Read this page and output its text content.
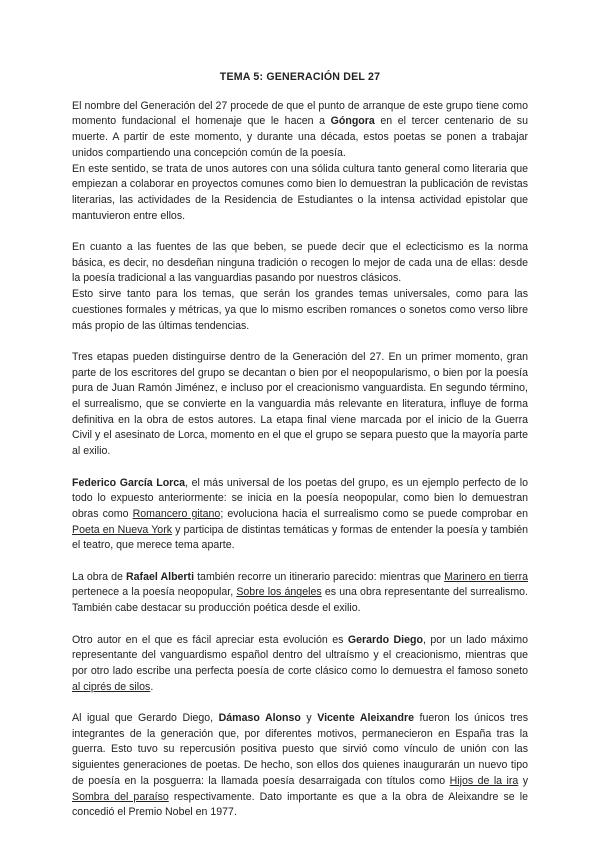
TEMA 5: GENERACIÓN DEL 27

El nombre del Generación del 27 procede de que el punto de arranque de este grupo tiene como momento fundacional el homenaje que le hacen a Góngora en el tercer centenario de su muerte. A partir de este momento, y durante una década, estos poetas se ponen a trabajar unidos compartiendo una concepción común de la poesía.

En este sentido, se trata de unos autores con una sólida cultura tanto general como literaria que empiezan a colaborar en proyectos comunes como bien lo demuestran la publicación de revistas literarias, las actividades de la Residencia de Estudiantes o la intensa actividad epistolar que mantuvieron entre ellos.

En cuanto a las fuentes de las que beben, se puede decir que el eclecticismo es la norma básica, es decir, no desdeñan ninguna tradición o recogen lo mejor de cada una de ellas: desde la poesía tradicional a las vanguardias pasando por nuestros clásicos.

Esto sirve tanto para los temas, que serán los grandes temas universales, como para las cuestiones formales y métricas, ya que lo mismo escriben romances o sonetos como verso libre más propio de las últimas tendencias.

Tres etapas pueden distinguirse dentro de la Generación del 27. En un primer momento, gran parte de los escritores del grupo se decantan o bien por el neopopularismo, o bien por la poesía pura de Juan Ramón Jiménez, e incluso por el creacionismo vanguardista. En segundo término, el surrealismo, que se convierte en la vanguardia más relevante en literatura, influye de forma definitiva en la obra de estos autores. La etapa final viene marcada por el inicio de la Guerra Civil y el asesinato de Lorca, momento en el que el grupo se separa puesto que la mayoría parte al exilio.

Federico García Lorca, el más universal de los poetas del grupo, es un ejemplo perfecto de lo todo lo expuesto anteriormente: se inicia en la poesía neopopular, como bien lo demuestran obras como Romancero gitano; evoluciona hacia el surrealismo como se puede comprobar en Poeta en Nueva York y participa de distintas temáticas y formas de entender la poesía y también el teatro, que merece tema aparte.

La obra de Rafael Alberti también recorre un itinerario parecido: mientras que Marinero en tierra pertenece a la poesía neopopular, Sobre los ángeles es una obra representante del surrealismo. También cabe destacar su producción poética desde el exilio.

Otro autor en el que es fácil apreciar esta evolución es Gerardo Diego, por un lado máximo representante del vanguardismo español dentro del ultraísmo y el creacionismo, mientras que por otro lado escribe una perfecta poesía de corte clásico como lo demuestra el famoso soneto al ciprés de silos.

Al igual que Gerardo Diego, Dámaso Alonso y Vicente Aleixandre fueron los únicos tres integrantes de la generación que, por diferentes motivos, permanecieron en España tras la guerra. Esto tuvo su repercusión positiva puesto que sirvió como vínculo de unión con las siguientes generaciones de poetas. De hecho, son ellos dos quienes inaugurarán un nuevo tipo de poesía en la posguerra: la llamada poesía desarraigada con títulos como Hijos de la ira y Sombra del paraíso respectivamente. Dato importante es que a la obra de Aleixandre se le concedió el Premio Nobel en 1977.
